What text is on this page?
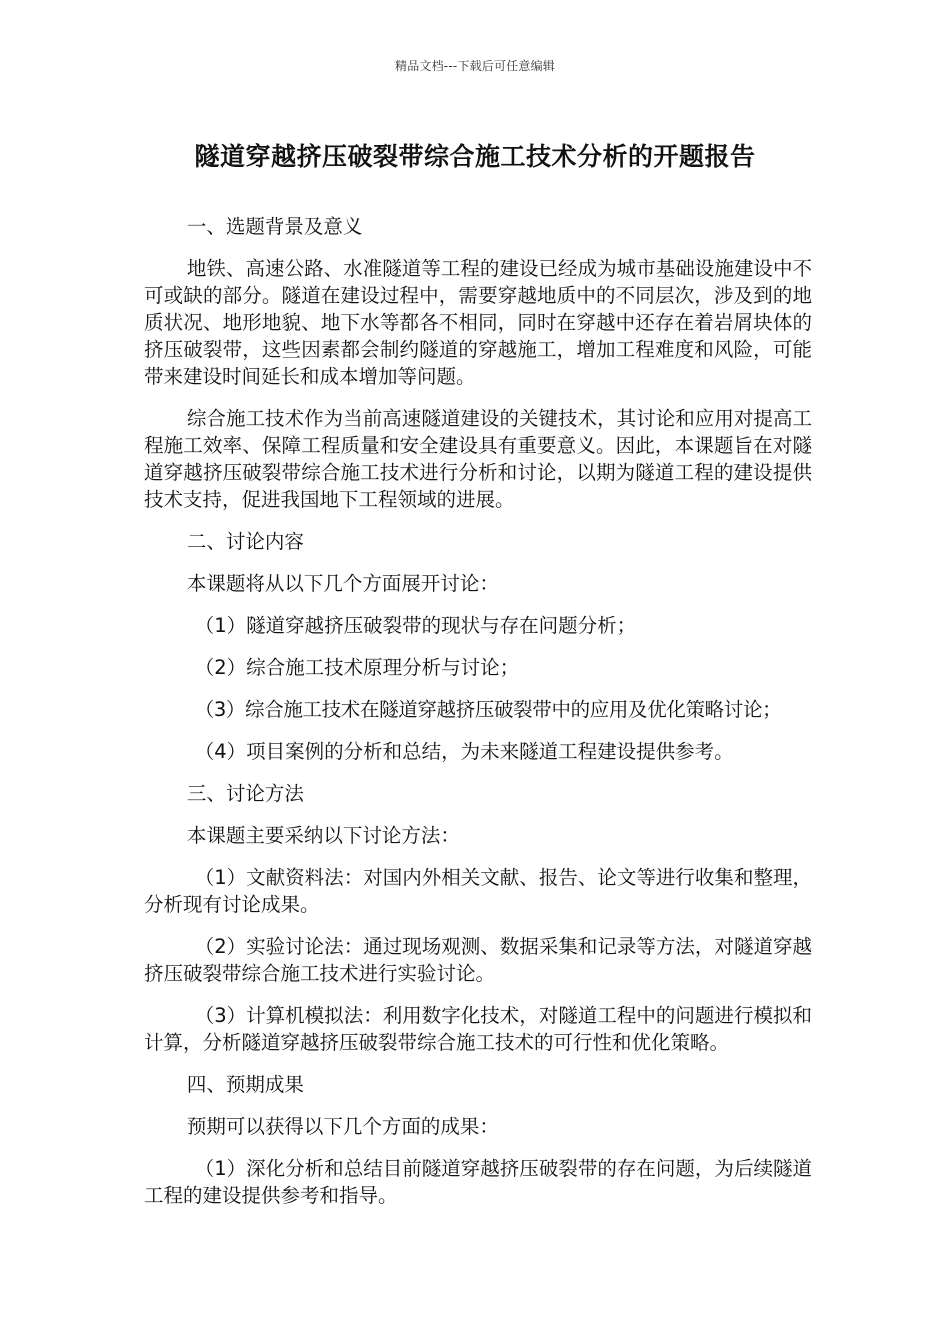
精品文档---下载后可任意编辑
隧道穿越挤压破裂带综合施工技术分析的开题报告

一、选题背景及意义

地铁、高速公路、水准隧道等工程的建设已经成为城市基础设施建设中不可或缺的部分。隧道在建设过程中，需要穿越地质中的不同层次，涉及到的地质状况、地形地貌、地下水等都各不相同，同时在穿越中还存在着岩屑块体的挤压破裂带，这些因素都会制约隧道的穿越施工，增加工程难度和风险，可能带来建设时间延长和成本增加等问题。

综合施工技术作为当前高速隧道建设的关键技术，其讨论和应用对提高工程施工效率、保障工程质量和安全建设具有重要意义。因此，本课题旨在对隧道穿越挤压破裂带综合施工技术进行分析和讨论，以期为隧道工程的建设提供技术支持，促进我国地下工程领域的进展。

二、讨论内容

本课题将从以下几个方面展开讨论：

（1）隧道穿越挤压破裂带的现状与存在问题分析；

（2）综合施工技术原理分析与讨论；

（3）综合施工技术在隧道穿越挤压破裂带中的应用及优化策略讨论；

（4）项目案例的分析和总结，为未来隧道工程建设提供参考。

三、讨论方法

本课题主要采纳以下讨论方法：

（1）文献资料法：对国内外相关文献、报告、论文等进行收集和整理，分析现有讨论成果。

（2）实验讨论法：通过现场观测、数据采集和记录等方法，对隧道穿越挤压破裂带综合施工技术进行实验讨论。

（3）计算机模拟法：利用数字化技术，对隧道工程中的问题进行模拟和计算，分析隧道穿越挤压破裂带综合施工技术的可行性和优化策略。

四、预期成果

预期可以获得以下几个方面的成果：

（1）深化分析和总结目前隧道穿越挤压破裂带的存在问题，为后续隧道工程的建设提供参考和指导。
